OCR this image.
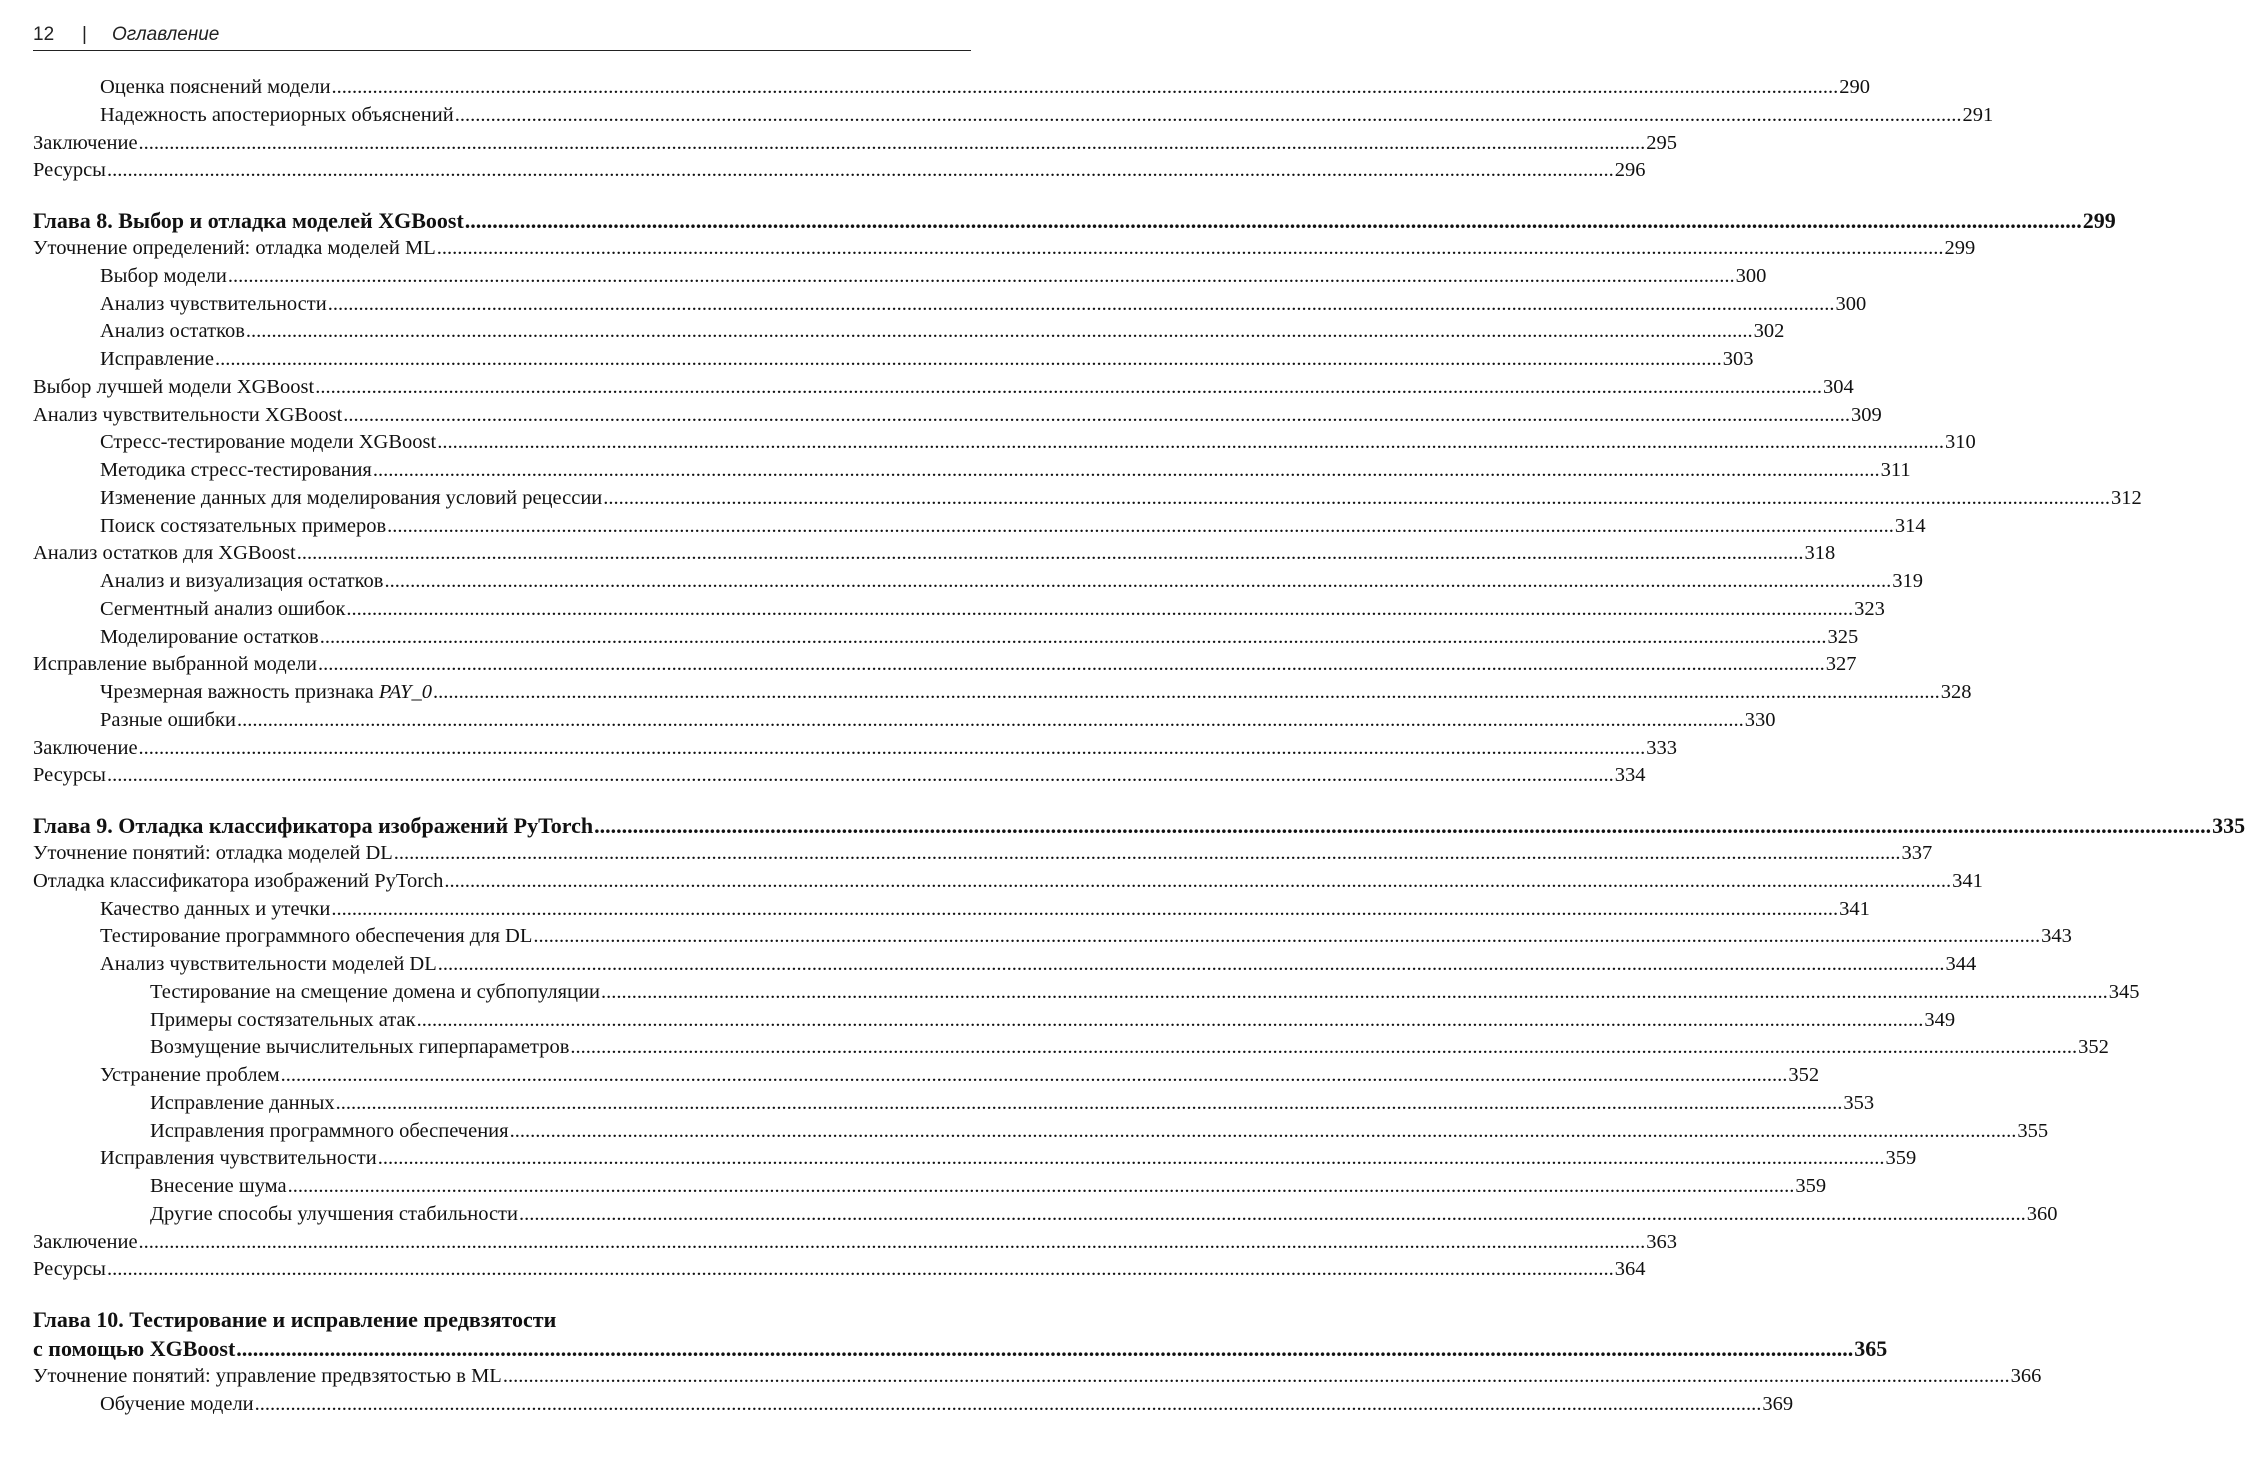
12 | Оглавление
Оценка пояснений модели .....	290
Надежность апостериорных объяснений .....	291
Заключение .....	295
Ресурсы .....	296
Глава 8. Выбор и отладка моделей XGBoost .....	299
Уточнение определений: отладка моделей ML .....	299
Выбор модели .....	300
Анализ чувствительности .....	300
Анализ остатков .....	302
Исправление .....	303
Выбор лучшей модели XGBoost .....	304
Анализ чувствительности XGBoost .....	309
Стресс-тестирование модели XGBoost .....	310
Методика стресс-тестирования .....	311
Изменение данных для моделирования условий рецессии .....	312
Поиск состязательных примеров .....	314
Анализ остатков для XGBoost .....	318
Анализ и визуализация остатков .....	319
Сегментный анализ ошибок .....	323
Моделирование остатков .....	325
Исправление выбранной модели .....	327
Чрезмерная важность признака PAY_0 .....	328
Разные ошибки .....	330
Заключение .....	333
Ресурсы .....	334
Глава 9. Отладка классификатора изображений PyTorch .....	335
Уточнение понятий: отладка моделей DL .....	337
Отладка классификатора изображений PyTorch .....	341
Качество данных и утечки .....	341
Тестирование программного обеспечения для DL .....	343
Анализ чувствительности моделей DL .....	344
Тестирование на смещение домена и субпопуляции .....	345
Примеры состязательных атак .....	349
Возмущение вычислительных гиперпараметров .....	352
Устранение проблем .....	352
Исправление данных .....	353
Исправления программного обеспечения .....	355
Исправления чувствительности .....	359
Внесение шума .....	359
Другие способы улучшения стабильности .....	360
Заключение .....	363
Ресурсы .....	364
Глава 10. Тестирование и исправление предвзятости
с помощью XGBoost .....	365
Уточнение понятий: управление предвзятостью в ML .....	366
Обучение модели .....	369
